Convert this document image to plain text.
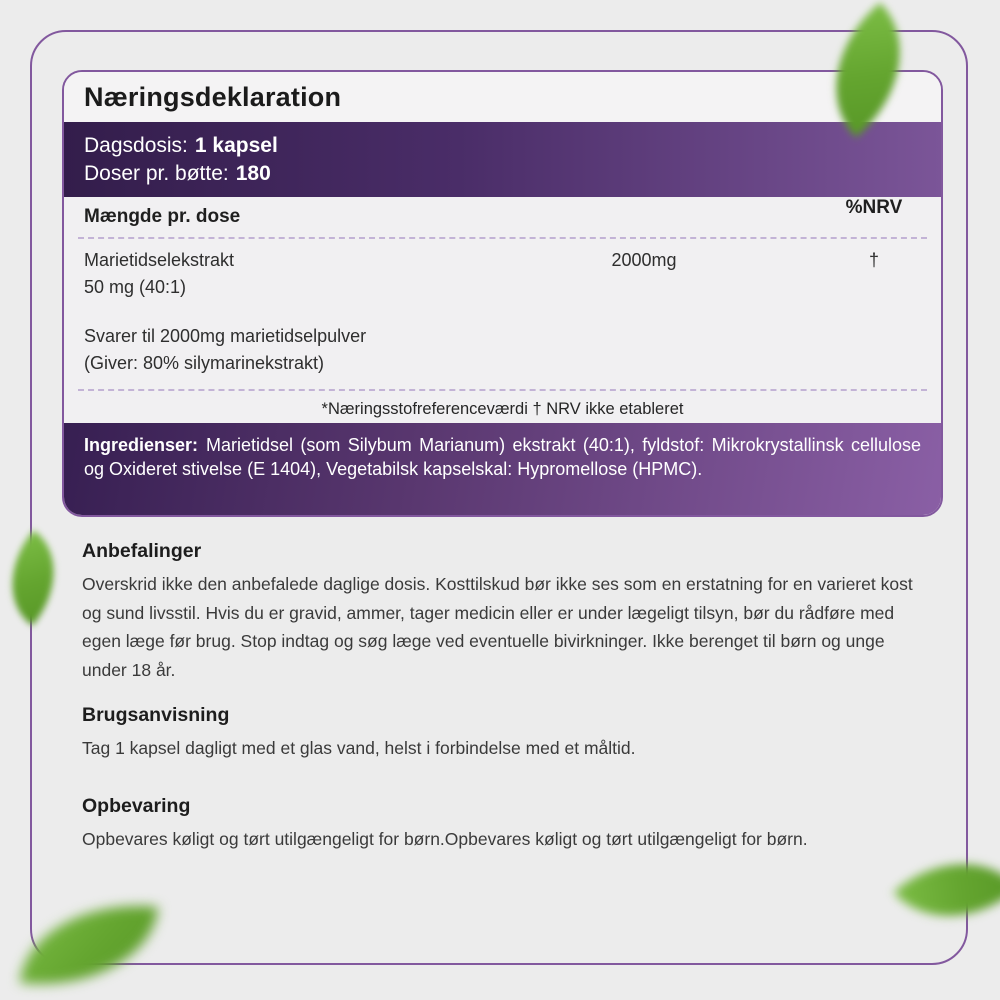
Næringsdeklaration
Dagsdosis: 1 kapsel
Doser pr. bøtte: 180
Mængde pr. dose	%NRV
Marietidselekstrakt
50 mg (40:1)
2000mg	†
Svarer til 2000mg marietidselpulver
(Giver: 80% silymarinekstrakt)
*Næringsstofreferenceværdi † NRV ikke etableret
Ingredienser: Marietidsel (som Silybum Marianum) ekstrakt (40:1), fyldstof: Mikrokrystallinsk cellulose og Oxideret stivelse (E 1404), Vegetabilsk kapselskal: Hypromellose (HPMC).
Anbefalinger

Overskrid ikke den anbefalede daglige dosis. Kosttilskud bør ikke ses som en erstatning for en varieret kost og sund livsstil. Hvis du er gravid, ammer, tager medicin eller er under lægeligt tilsyn, bør du rådføre med egen læge før brug. Stop indtag og søg læge ved eventuelle bivirkninger. Ikke berenget til børn og unge under 18 år.

Brugsanvisning

Tag 1 kapsel dagligt med et glas vand, helst i forbindelse med et måltid.

Opbevaring

Opbevares køligt og tørt utilgængeligt for børn.Opbevares køligt og tørt utilgængeligt for børn.
